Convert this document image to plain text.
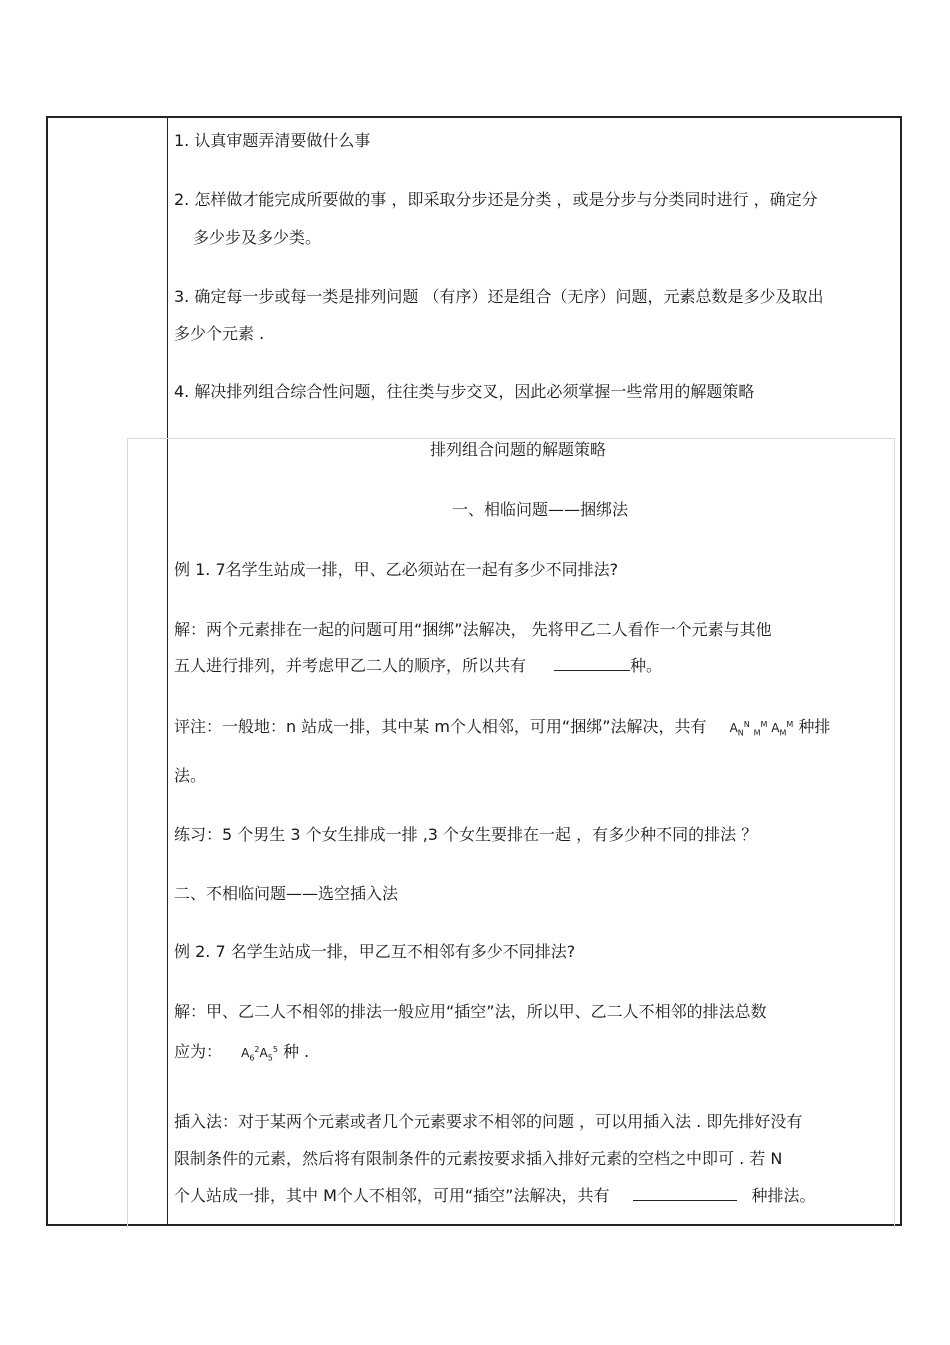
1. 认真审题弄清要做什么事
2. 怎样做才能完成所要做的事 ，即采取分步还是分类 ，或是分步与分类同时进行 ，确定分
多少步及多少类。
3. 确定每一步或每一类是排列问题 （有序）还是组合（无序）问题，元素总数是多少及取出
多少个元素 .
4. 解决排列组合综合性问题，往往类与步交叉，因此必须掌握一些常用的解题策略
排列组合问题的解题策略
一、相临问题——捆绑法
例 1. 7名学生站成一排，甲、乙必须站在一起有多少不同排法?
解：两个元素排在一起的问题可用“捆绑”法解决， 先将甲乙二人看作一个元素与其他
五人进行排列，并考虑甲乙二人的顺序，所以共有	种。
评注：一般地：n 站成一排，其中某 m个人相邻，可用“捆绑”法解决，共有 $A_N^N$ $_M^M$ $A_M^M$ 种排
法。
练习：5 个男生 3 个女生排成一排 ,3 个女生要排在一起 ，有多少种不同的排法 ？
二、不相临问题——选空插入法
例 2. 7 名学生站成一排，甲乙互不相邻有多少不同排法?
解：甲、乙二人不相邻的排法一般应用“插空”法，所以甲、乙二人不相邻的排法总数
应为： $A_6^2A_5^5$ 种 .
插入法：对于某两个元素或者几个元素要求不相邻的问题 ，可以用插入法 . 即先排好没有
限制条件的元素，然后将有限制条件的元素按要求插入排好元素的空档之中即可 . 若 N
个人站成一排，其中 M个人不相邻，可用“插空”法解决，共有	种排法。
